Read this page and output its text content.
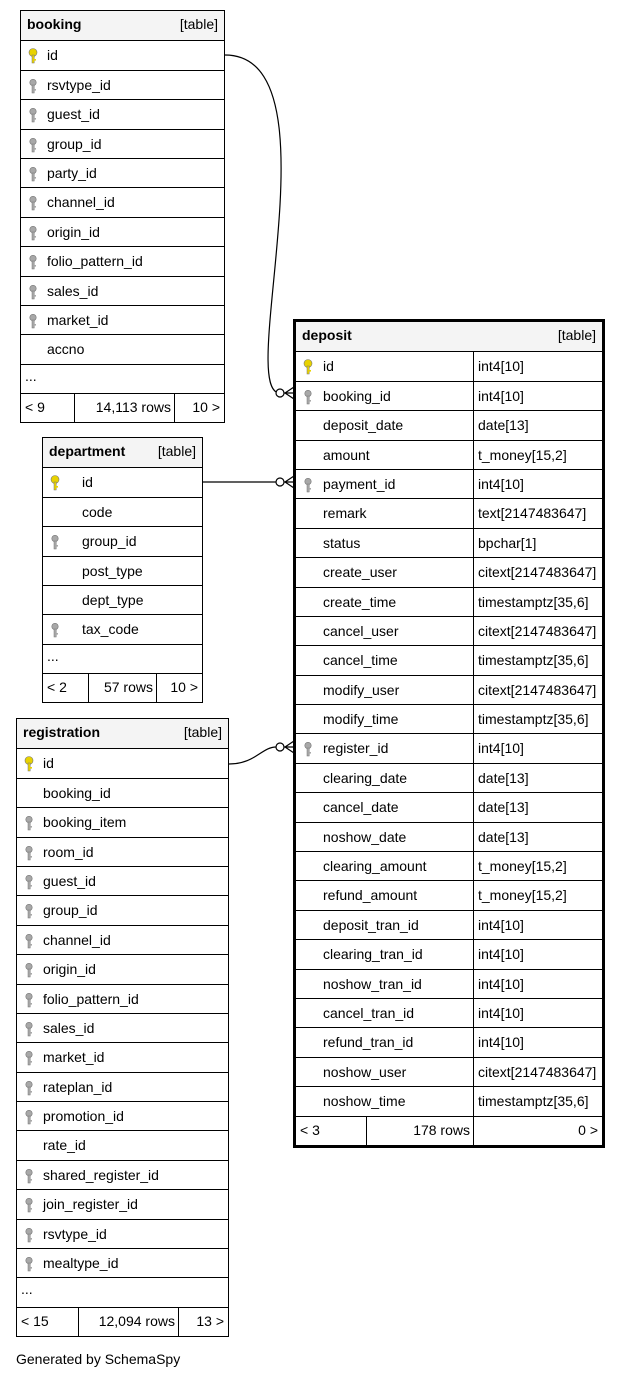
booking	[table]
id
rsvtype_id
guest_id
group_id
party_id
channel_id
origin_id
folio_pattern_id
sales_id
market_id
accno
...
< 9	14,113 rows 10 >
department [table]
id
code
group_id
post_type
dept_type
tax_code
...
< 2	57 rows 10 >
registration	[table]
id
booking_id
booking_item
room_id
guest_id
group_id
channel_id
origin_id
folio_pattern_id
sales_id
market_id
rateplan_id
promotion_id
rate_id
shared_register_id
join_register_id
rsvtype_id
mealtype_id
...
< 15	12,094 rows 13 >
deposit	[table]
id	int4[10]
booking_id	int4[10]
deposit_date	date[13]
amount	t_money[15,2]
payment_id	int4[10]
remark	text[2147483647]
status	bpchar[1]
create_user	citext[2147483647]
create_time	timestamptz[35,6]
cancel_user	citext[2147483647]
cancel_time	timestamptz[35,6]
modify_user	citext[2147483647]
modify_time	timestamptz[35,6]
register_id	int4[10]
clearing_date	date[13]
cancel_date	date[13]
noshow_date	date[13]
clearing_amount	t_money[15,2]
refund_amount	t_money[15,2]
deposit_tran_id	int4[10]
clearing_tran_id	int4[10]
noshow_tran_id	int4[10]
cancel_tran_id	int4[10]
refund_tran_id	int4[10]
noshow_user	citext[2147483647]
noshow_time	timestamptz[35,6]
< 3	178 rows	0 >
Generated by SchemaSpy
